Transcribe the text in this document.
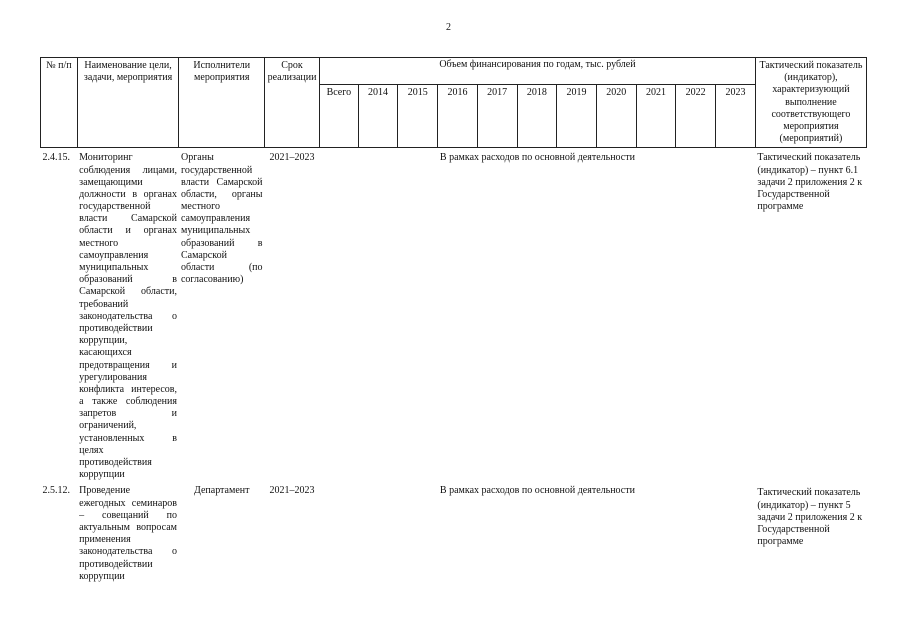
2
№ п/п	Наименование цели, задачи, мероприятия	Исполнители мероприятия	Срок реализации	Объем финансирования по годам, тыс. рублей											Тактический показатель (индикатор), характеризующий выполнение соответствующего мероприятия (мероприятий)
				Всего	2014	2015	2016	2017	2018	2019	2020	2021	2022	2023	

2.4.15.	Мониторинг соблюдения лицами, замещающими должности в органах государственной власти Самарской области и органах местного самоуправления муниципальных образований в Самарской области, требований законодательства о противодействии коррупции, касающихся предотвращения и урегулирования конфликта интересов, а также соблюдения запретов и ограничений, установленных в целях противодействия коррупции	Органы государственной власти Самарской области, органы местного самоуправления муниципальных образований в Самарской области (по согласованию)	2021–2023	В рамках расходов по основной деятельности											Тактический показатель (индикатор) – пункт 6.1 задачи 2 приложения 2 к Государственной программе
2.5.12.	Проведение ежегодных семинаров – совещаний по актуальным вопросам применения законодательства о противодействии коррупции	Департамент	2021–2023	В рамках расходов по основной деятельности											Тактический показатель (индикатор) – пункт 5 задачи 2 приложения 2 к Государственной программе
